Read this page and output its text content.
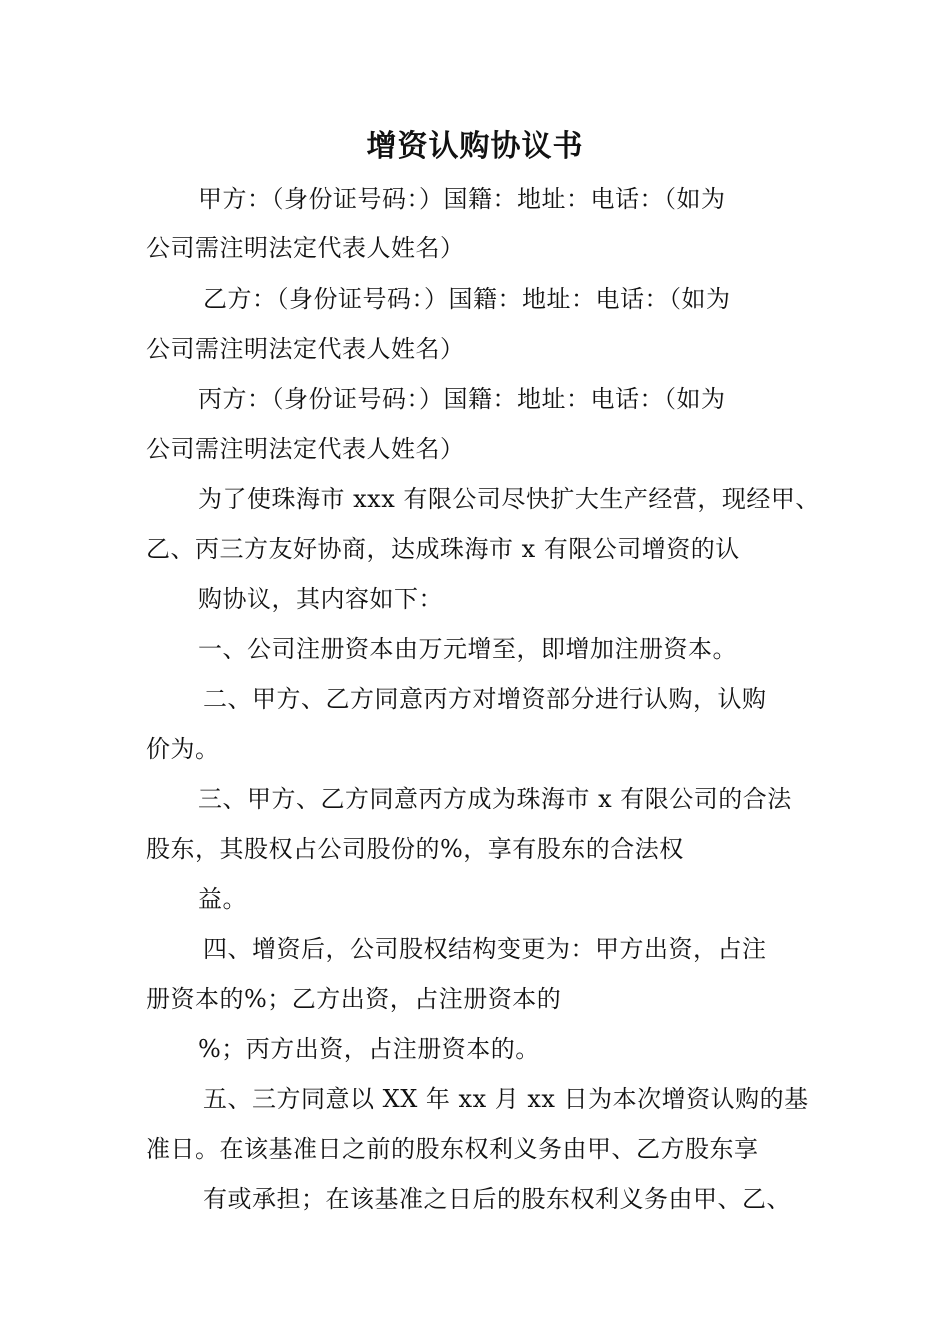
增资认购协议书
甲方：（身份证号码：）国籍：地址：电话：（如为
公司需注明法定代表人姓名）
乙方：（身份证号码：）国籍：地址：电话：（如为
公司需注明法定代表人姓名）
丙方：（身份证号码：）国籍：地址：电话：（如为
公司需注明法定代表人姓名）
为了使珠海市 xxx 有限公司尽快扩大生产经营，现经甲、
乙、丙三方友好协商，达成珠海市 x 有限公司增资的认
购协议，其内容如下：
一、公司注册资本由万元增至，即增加注册资本。
二、甲方、乙方同意丙方对增资部分进行认购，认购
价为。
三、甲方、乙方同意丙方成为珠海市 x 有限公司的合法
股东，其股权占公司股份的%，享有股东的合法权
益。
四、增资后，公司股权结构变更为：甲方出资，占注
册资本的%；乙方出资，占注册资本的
%；丙方出资，占注册资本的。
五、三方同意以 XX 年 xx 月 xx 日为本次增资认购的基
准日。在该基准日之前的股东权利义务由甲、乙方股东享
有或承担；在该基准之日后的股东权利义务由甲、乙、
